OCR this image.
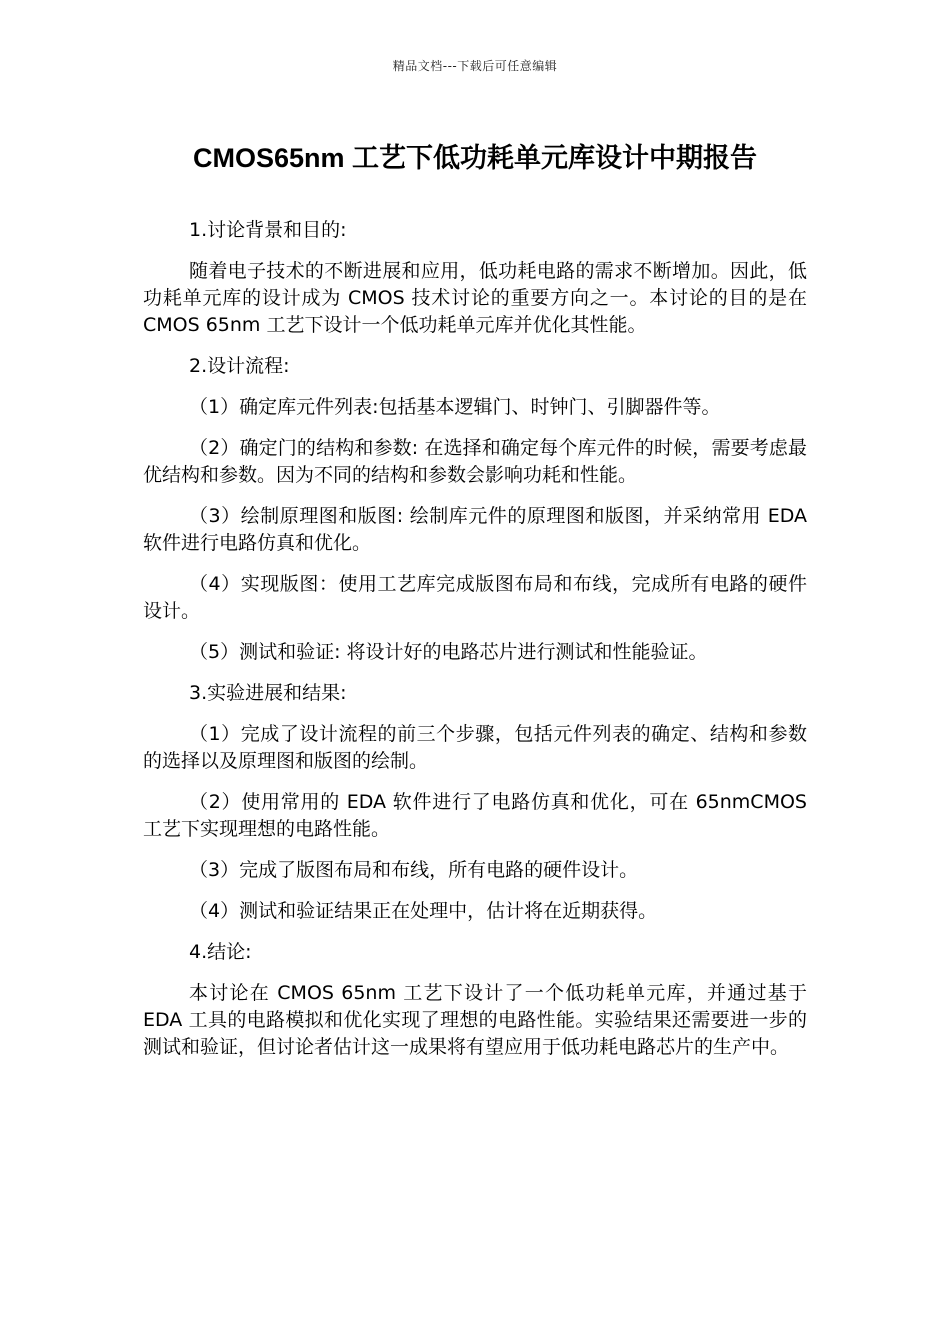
精品文档---下载后可任意编辑
CMOS65nm 工艺下低功耗单元库设计中期报告

1.讨论背景和目的:

随着电子技术的不断进展和应用，低功耗电路的需求不断增加。因此，低功耗单元库的设计成为 CMOS 技术讨论的重要方向之一。本讨论的目的是在 CMOS 65nm 工艺下设计一个低功耗单元库并优化其性能。

2.设计流程:

（1）确定库元件列表:包括基本逻辑门、时钟门、引脚器件等。

（2）确定门的结构和参数: 在选择和确定每个库元件的时候，需要考虑最优结构和参数。因为不同的结构和参数会影响功耗和性能。

（3）绘制原理图和版图: 绘制库元件的原理图和版图，并采纳常用 EDA 软件进行电路仿真和优化。

（4）实现版图：使用工艺库完成版图布局和布线，完成所有电路的硬件设计。

（5）测试和验证: 将设计好的电路芯片进行测试和性能验证。

3.实验进展和结果:

（1）完成了设计流程的前三个步骤，包括元件列表的确定、结构和参数的选择以及原理图和版图的绘制。

（2）使用常用的 EDA 软件进行了电路仿真和优化，可在 65nmCMOS 工艺下实现理想的电路性能。

（3）完成了版图布局和布线，所有电路的硬件设计。

（4）测试和验证结果正在处理中，估计将在近期获得。

4.结论:

本讨论在 CMOS 65nm 工艺下设计了一个低功耗单元库，并通过基于 EDA 工具的电路模拟和优化实现了理想的电路性能。实验结果还需要进一步的测试和验证，但讨论者估计这一成果将有望应用于低功耗电路芯片的生产中。
